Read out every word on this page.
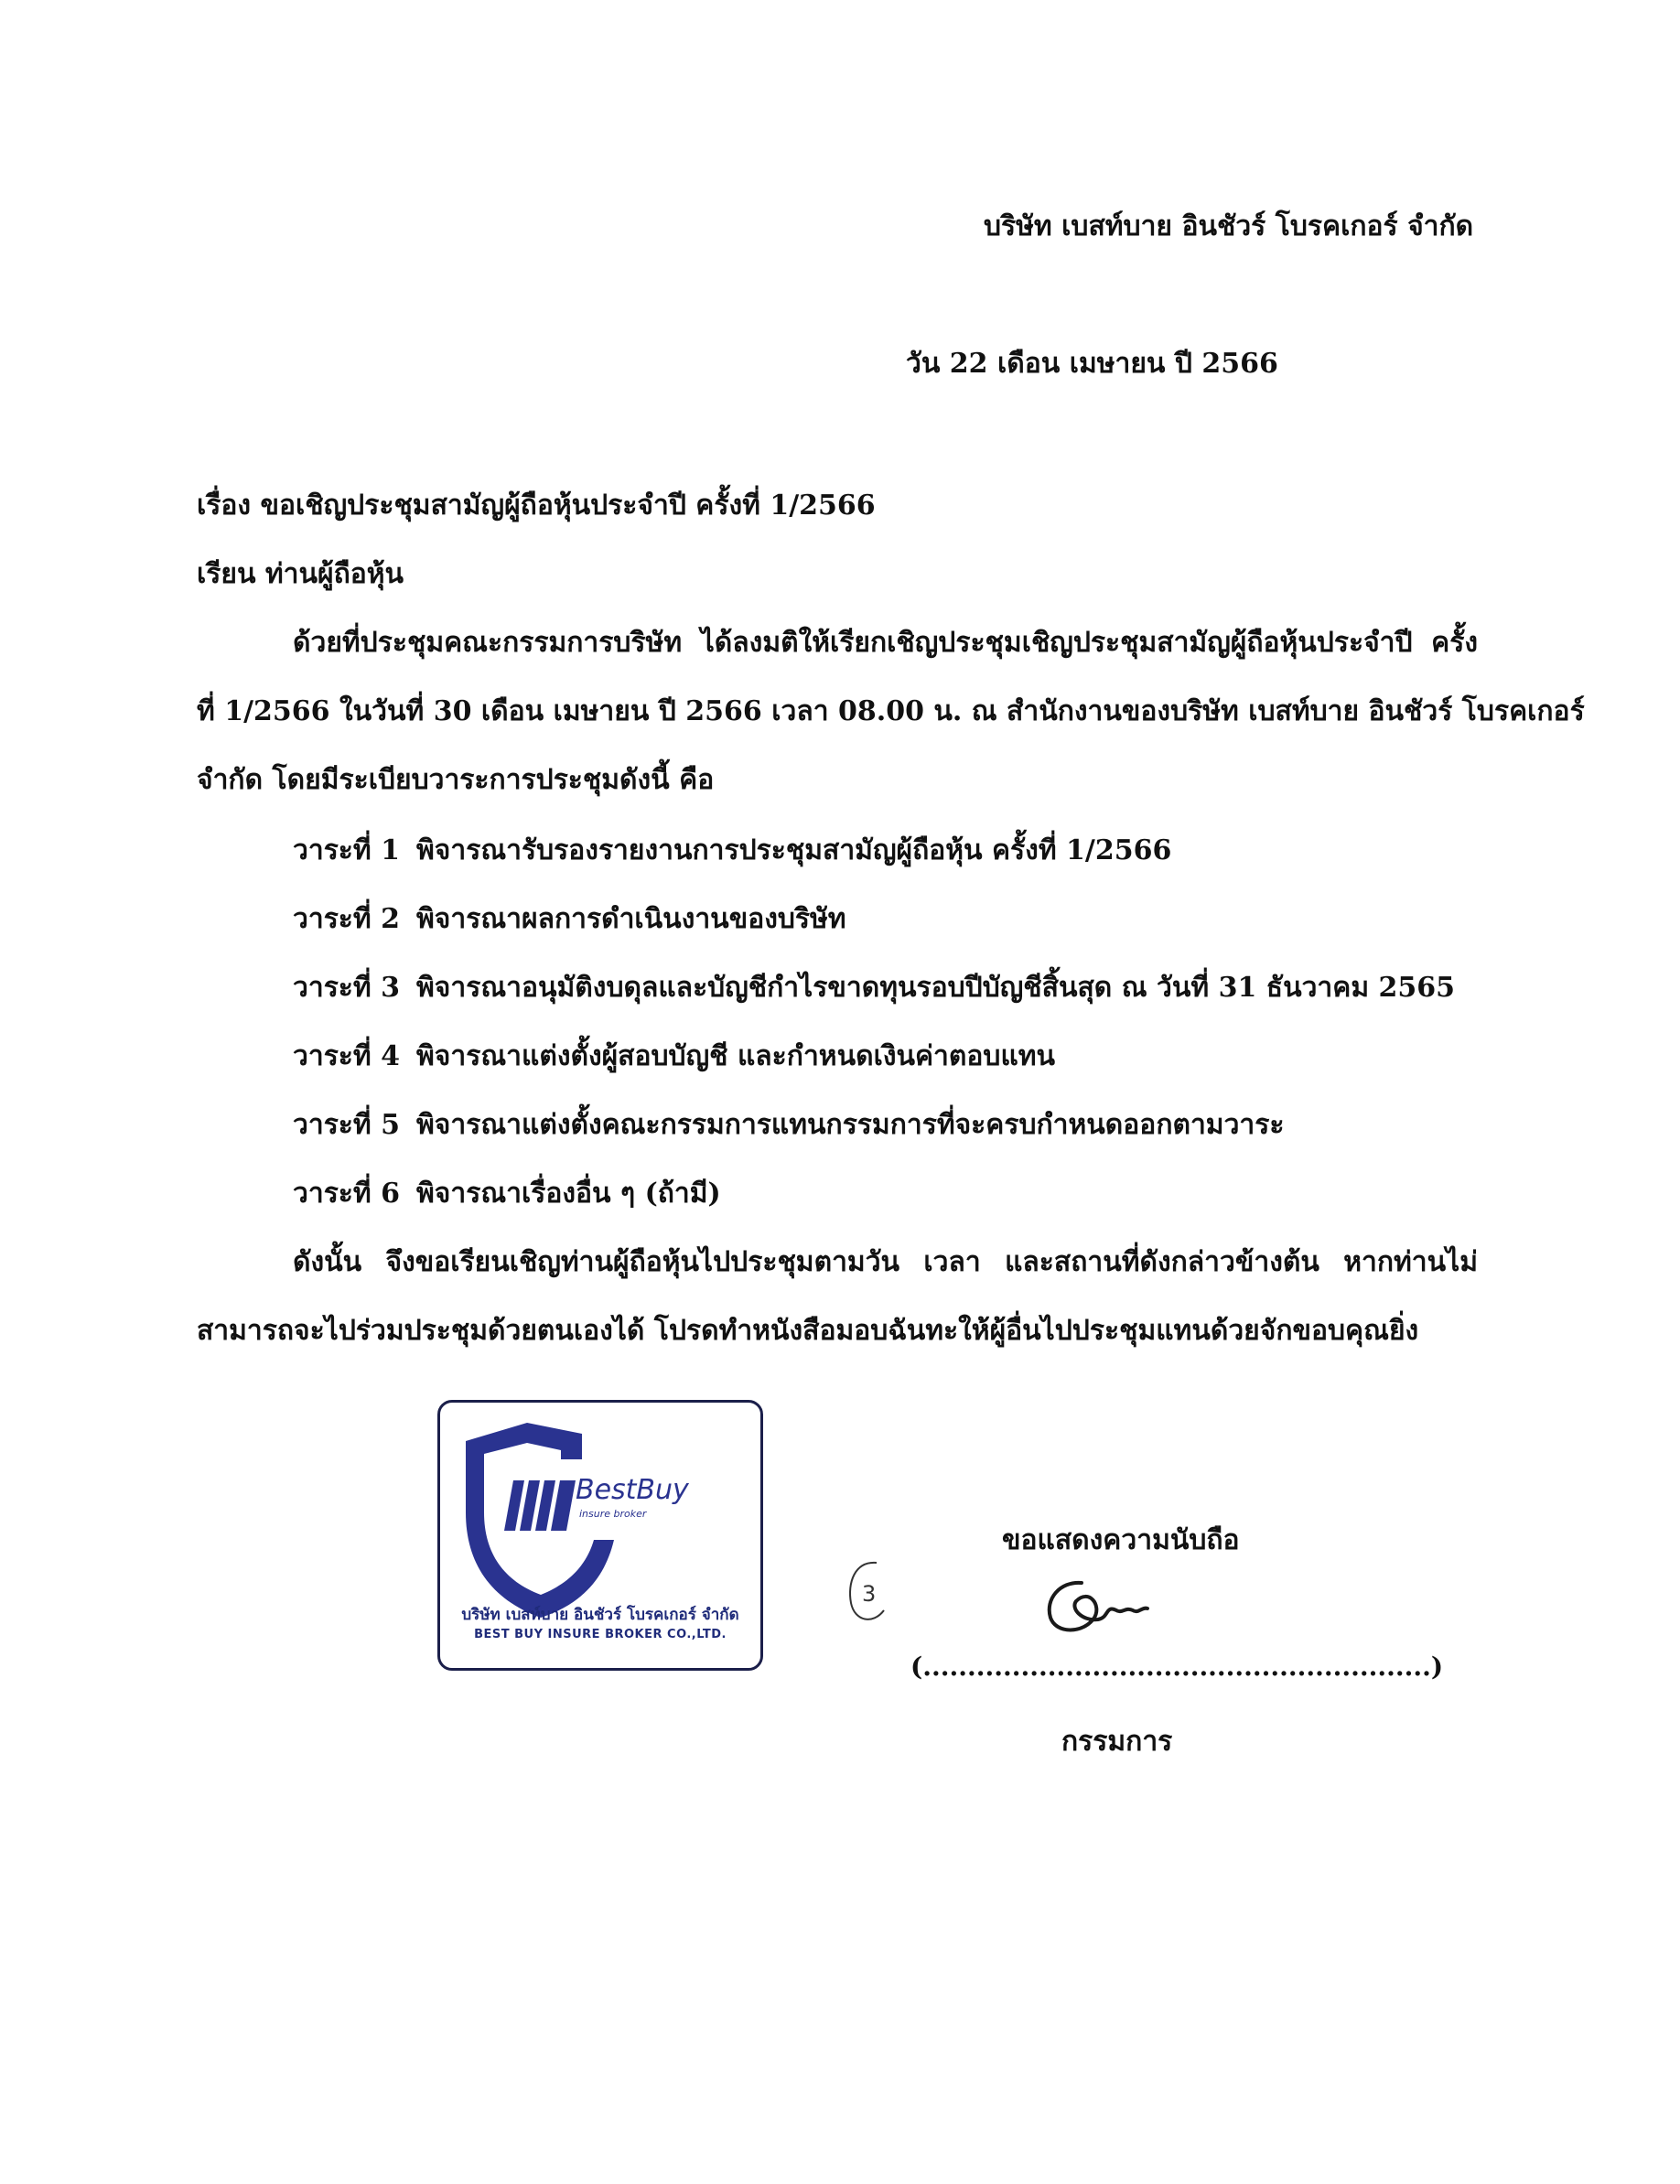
บริษัท เบสท์บาย อินชัวร์ โบรคเกอร์ จำกัด
วัน 22 เดือน เมษายน ปี 2566
เรื่อง ขอเชิญประชุมสามัญผู้ถือหุ้นประจำปี ครั้งที่ 1/2566
เรียน ท่านผู้ถือหุ้น
ด้วยที่ประชุมคณะกรรมการบริษัท ได้ลงมติให้เรียกเชิญประชุมเชิญประชุมสามัญผู้ถือหุ้นประจำปี ครั้ง
ที่ 1/2566 ในวันที่ 30 เดือน เมษายน ปี 2566 เวลา 08.00 น. ณ สำนักงานของบริษัท เบสท์บาย อินชัวร์ โบรคเกอร์
จำกัด โดยมีระเบียบวาระการประชุมดังนี้ คือ
วาระที่ 1 พิจารณารับรองรายงานการประชุมสามัญผู้ถือหุ้น ครั้งที่ 1/2566
วาระที่ 2 พิจารณาผลการดำเนินงานของบริษัท
วาระที่ 3 พิจารณาอนุมัติงบดุลและบัญชีกำไรขาดทุนรอบปีบัญชีสิ้นสุด ณ วันที่ 31 ธันวาคม 2565
วาระที่ 4 พิจารณาแต่งตั้งผู้สอบบัญชี และกำหนดเงินค่าตอบแทน
วาระที่ 5 พิจารณาแต่งตั้งคณะกรรมการแทนกรรมการที่จะครบกำหนดออกตามวาระ
วาระที่ 6 พิจารณาเรื่องอื่น ๆ (ถ้ามี)
ดังนั้น จึงขอเรียนเชิญท่านผู้ถือหุ้นไปประชุมตามวัน เวลา และสถานที่ดังกล่าวข้างต้น หากท่านไม่
สามารถจะไปร่วมประชุมด้วยตนเองได้ โปรดทำหนังสือมอบฉันทะให้ผู้อื่นไปประชุมแทนด้วยจักขอบคุณยิ่ง
BestBuy
insure broker
บริษัท เบสท์บาย อินชัวร์ โบรคเกอร์ จำกัด
BEST BUY INSURE BROKER CO.,LTD.
3
ขอแสดงความนับถือ
(.........................................................)
กรรมการ
